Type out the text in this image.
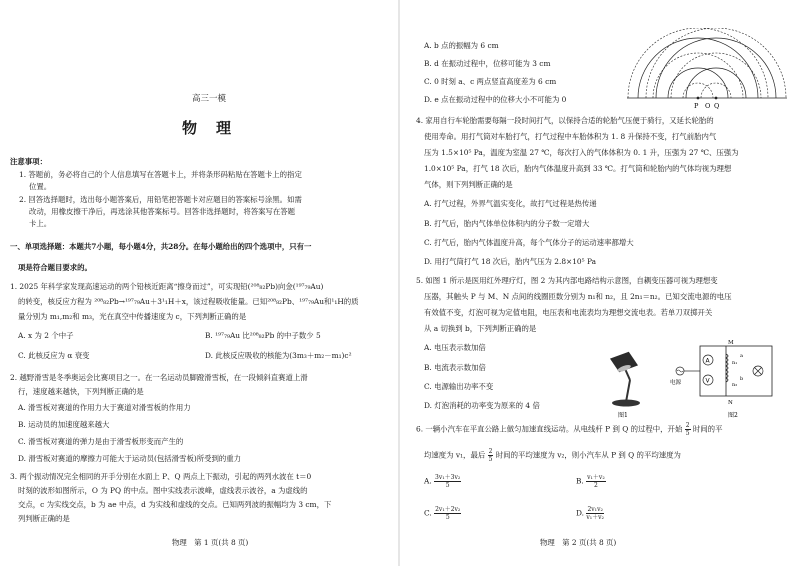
高三一模
物　理
注意事项：
1. 答题前，务必将自己的个人信息填写在答题卡上，并将条形码粘贴在答题卡上的指定
位置。
2. 回答选择题时，选出每小题答案后，用铅笔把答题卡对应题目的答案标号涂黑。如需
改动，用橡皮擦干净后，再选涂其他答案标号。回答非选择题时，将答案写在答题
卡上。
一、单项选择题：本题共7小题，每小题4分，共28分。在每小题给出的四个选项中，只有一
项是符合题目要求的。
1. 2025 年科学家发现高速运动的两个铅核近距离“擦身而过”，可实现铅(²⁰⁸₈₂Pb)向金(¹⁹⁷₇₉Au)
的转变，核反应方程为 ²⁰⁸₈₂Pb→¹⁹⁷₇₉Au＋3¹₁H＋x，该过程吸收能量。已知²⁰⁸₈₂Pb、¹⁹⁷₇₉Au和¹₁H的质
量分别为 m₁,m₂和 m₃，光在真空中传播速度为 c，下列判断正确的是
A. x 为 2 个中子	B. ¹⁹⁷₇₉Au 比²⁰⁸₈₂Pb 的中子数少 5
C. 此核反应为 α 衰变	D. 此核反应吸收的核能为(3m₃＋m₂－m₁)c²
2. 越野滑雪是冬季奥运会比赛项目之一。在一名运动员脚蹬滑雪板，在一段倾斜直赛道上滑
行，速度越来越快，下列判断正确的是
A. 滑雪板对赛道的作用力大于赛道对滑雪板的作用力
B. 运动员的加速度越来越大
C. 滑雪板对赛道的弹力是由于滑雪板形变而产生的
D. 滑雪板对赛道的摩擦力可能大于运动员(包括滑雪板)所受到的重力
3. 两个振动情况完全相同的开手分别在水面上 P、Q 两点上下振动，引起的两列水波在 t＝0
时刻的波形如图所示，O 为 PQ 的中点。图中实线表示波峰，虚线表示波谷，a 为虚线的
交点，c 为实线交点，b 为 ae 中点，d 为实线和虚线的交点。已知两列波的振幅均为 3 cm，下
列判断正确的是
物理　第 1 页(共 8 页)
A. b 点的振幅为 6 cm
B. d 在振动过程中，位移可能为 3 cm
C. 0 时刻 a、c 两点竖直高度差为 6 cm
D. e 点在振动过程中的位移大小不可能为 0
P O Q
4. 家用自行车轮胎需要每隔一段时间打气，以保持合适的轮胎气压便于骑行，又延长轮胎的
使用寿命。用打气筒对车胎打气，打气过程中车胎体积为 1. 8 升保持不变，打气前胎内气
压为 1.5×10⁵ Pa，温度为室温 27 ℃，每次打入的气体体积为 0. 1 升，压强为 27 ℃、压强为
1.0×10⁵ Pa，打气 18 次后，胎内气体温度升高到 33 ℃。打气筒和轮胎内的气体均视为理想
气体，则下列判断正确的是
A. 打气过程，外界气温实变化，故打气过程是热传递
B. 打气后，胎内气体单位体积内的分子数一定增大
C. 打气后，胎内气体温度升高，每个气体分子的运动速率都增大
D. 用打气筒打气 18 次后，胎内气压为 2.8×10⁵ Pa
5. 如图 1 所示是医用红外理疗灯，图 2 为其内部电路结构示意图，自耦变压器可视为理想变
压器，其触头 P 与 M、N 点间的线圈匝数分别为 n₁和 n₂，且 2n₁＝n₂。已知交流电源的电压
有效值不变，灯泡可视为定值电阻，电压表和电流表均为理想交流电表。若单刀双掷开关
从 a 切换到 b，下列判断正确的是
A. 电压表示数加倍
B. 电流表示数加倍
C. 电源输出功率不变
D. 灯泡消耗的功率变为原来的 4 倍
图1
A
V
电源
M
N
n₁
n₂
a
b
图2
6. 一辆小汽车在平直公路上做匀加速直线运动。从电线杆 P 到 Q 的过程中，开始 $\frac{2}{5}$ 时间的平
均速度为 v₁，最后 $\frac{2}{5}$ 时间的平均速度为 v₂，则小汽车从 P 到 Q 的平均速度为
A. $\frac{\text{3v₁＋3v₂}}{5}$	B. $\frac{\text{v₁＋v₂}}{2}$
C. $\frac{\text{2v₁＋2v₂}}{5}$	D. $\frac{\text{2v₁v₂}}{\text{v₁＋v₂}}$
物理　第 2 页(共 8 页)
